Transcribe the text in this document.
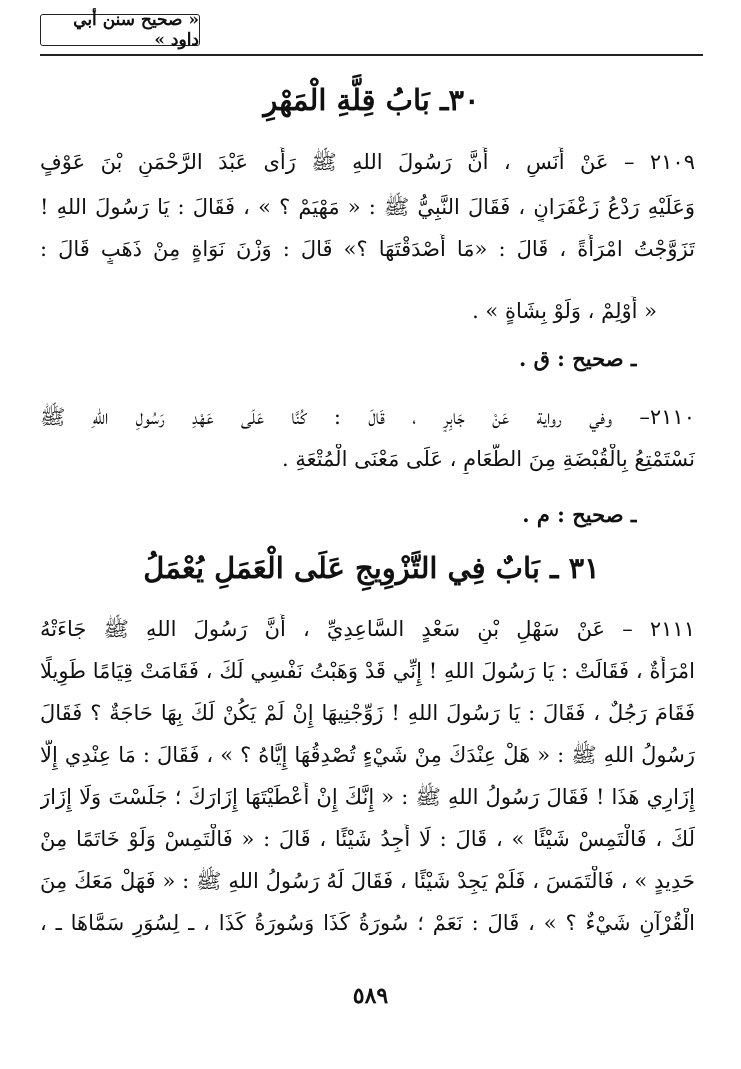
« صحيح سنن أبي داود »
٣٠ـ بَابُ قِلَّةِ الْمَهْرِ
٢١٠٩ – عَنْ أَنَسٍ ، أَنَّ رَسُولَ اللهِ ﷺ رَأَى عَبْدَ الرَّحْمَنِ بْنَ عَوْفٍ
وَعَلَيْهِ رَدْعُ زَعْفَرَانٍ ، فَقَالَ النَّبِيُّ ﷺ : « مَهْيَمْ ؟ » ، فَقَالَ : يَا رَسُولَ اللهِ !
تَزَوَّجْتُ امْرَأَةً ، قَالَ : «مَا أَصْدَقْتَهَا ؟» قَالَ : وَزْنَ نَوَاةٍ مِنْ ذَهَبٍ قَالَ :
« أَوْلِمْ ، وَلَوْ بِشَاةٍ » .
ـ صحيح : ق .
٢١١٠– وفي رواية عَنْ جَابِرٍ ، قَالَ : كُنَّا عَلَى عَهْدِ رَسُولِ اللهِ ﷺ
نَسْتَمْتِعُ بِالْقُبْضَةِ مِنَ الطَّعَامِ ، عَلَى مَعْنَى الْمُتْعَةِ .
ـ صحيح : م .
٣١ ـ بَابٌ فِي التَّزْوِيجِ عَلَى الْعَمَلِ يُعْمَلُ
٢١١١ – عَنْ سَهْلِ بْنِ سَعْدٍ السَّاعِدِيِّ ، أَنَّ رَسُولَ اللهِ ﷺ جَاءَتْهُ
امْرَأَةٌ ، فَقَالَتْ : يَا رَسُولَ اللهِ ! إِنِّي قَدْ وَهَبْتُ نَفْسِي لَكَ ، فَقَامَتْ قِيَامًا طَوِيلًا
فَقَامَ رَجُلٌ ، فَقَالَ : يَا رَسُولَ اللهِ ! زَوِّجْنِيهَا إِنْ لَمْ يَكُنْ لَكَ بِهَا حَاجَةٌ ؟ فَقَالَ
رَسُولُ اللهِ ﷺ : « هَلْ عِنْدَكَ مِنْ شَيْءٍ تُصْدِقُهَا إِيَّاهُ ؟ » ، فَقَالَ : مَا عِنْدِي إِلَّا
إِزَارِي هَذَا ! فَقَالَ رَسُولُ اللهِ ﷺ : « إِنَّكَ إِنْ أَعْطَيْتَهَا إِزَارَكَ ؛ جَلَسْتَ وَلَا إِزَارَ
لَكَ ، فَالْتَمِسْ شَيْئًا » ، قَالَ : لَا أَجِدُ شَيْئًا ، قَالَ : « فَالْتَمِسْ وَلَوْ خَاتَمًا مِنْ
حَدِيدٍ » ، فَالْتَمَسَ ، فَلَمْ يَجِدْ شَيْئًا ، فَقَالَ لَهُ رَسُولُ اللهِ ﷺ : « فَهَلْ مَعَكَ مِنَ
الْقُرْآنِ شَيْءٌ ؟ » ، قَالَ : نَعَمْ ؛ سُورَةُ كَذَا وَسُورَةُ كَذَا ، ـ لِسُوَرٍ سَمَّاهَا ـ ،
٥٨٩
